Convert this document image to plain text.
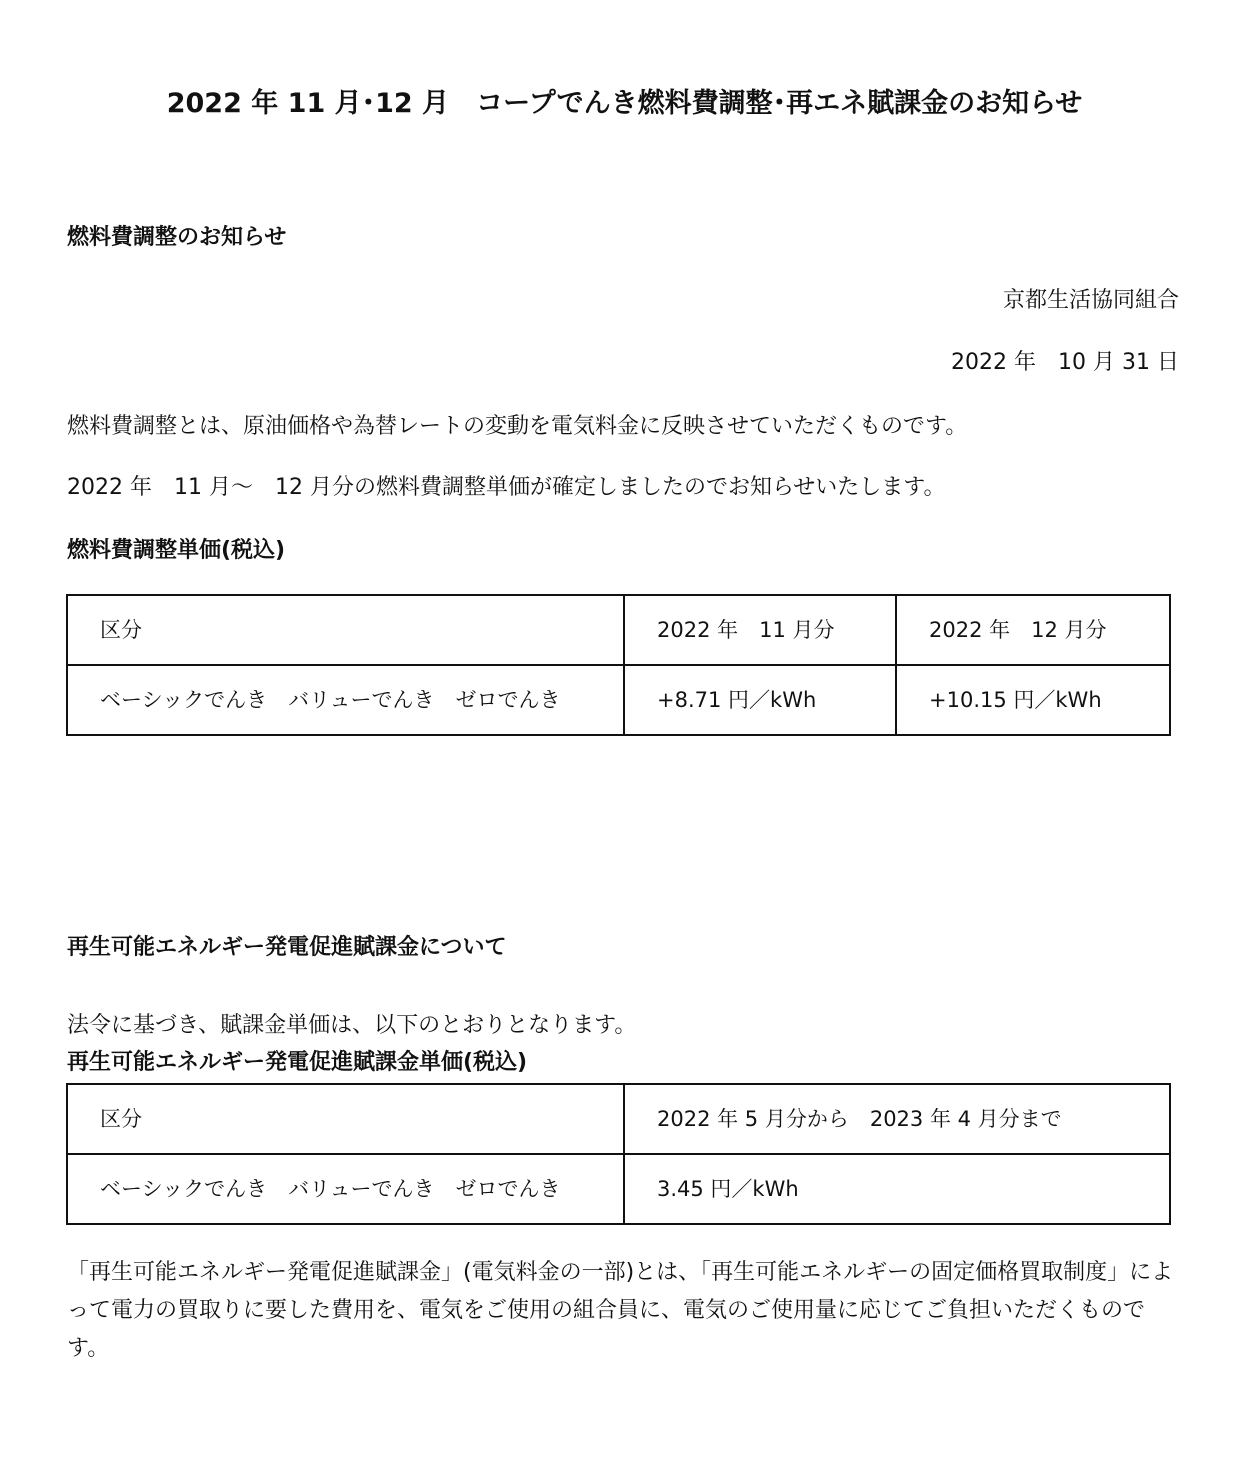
2022 年 11 月･12 月　コープでんき燃料費調整･再エネ賦課金のお知らせ
燃料費調整のお知らせ
京都生活協同組合
2022 年　10 月 31 日
燃料費調整とは、原油価格や為替レートの変動を電気料金に反映させていただくものです。
2022 年　11 月～　12 月分の燃料費調整単価が確定しましたのでお知らせいたします。
燃料費調整単価(税込)
区分	2022 年　11 月分	2022 年　12 月分
ベーシックでんき　バリューでんき　ゼロでんき	+8.71 円／kWh	+10.15 円／kWh
再生可能エネルギー発電促進賦課金について
法令に基づき、賦課金単価は、以下のとおりとなります。
再生可能エネルギー発電促進賦課金単価(税込)
区分	2022 年 5 月分から　2023 年 4 月分まで
ベーシックでんき　バリューでんき　ゼロでんき	3.45 円／kWh
「再生可能エネルギー発電促進賦課金」(電気料金の一部)とは、「再生可能エネルギーの固定価格買取制度」によって電力の買取りに要した費用を、電気をご使用の組合員に、電気のご使用量に応じてご負担いただくものです。
